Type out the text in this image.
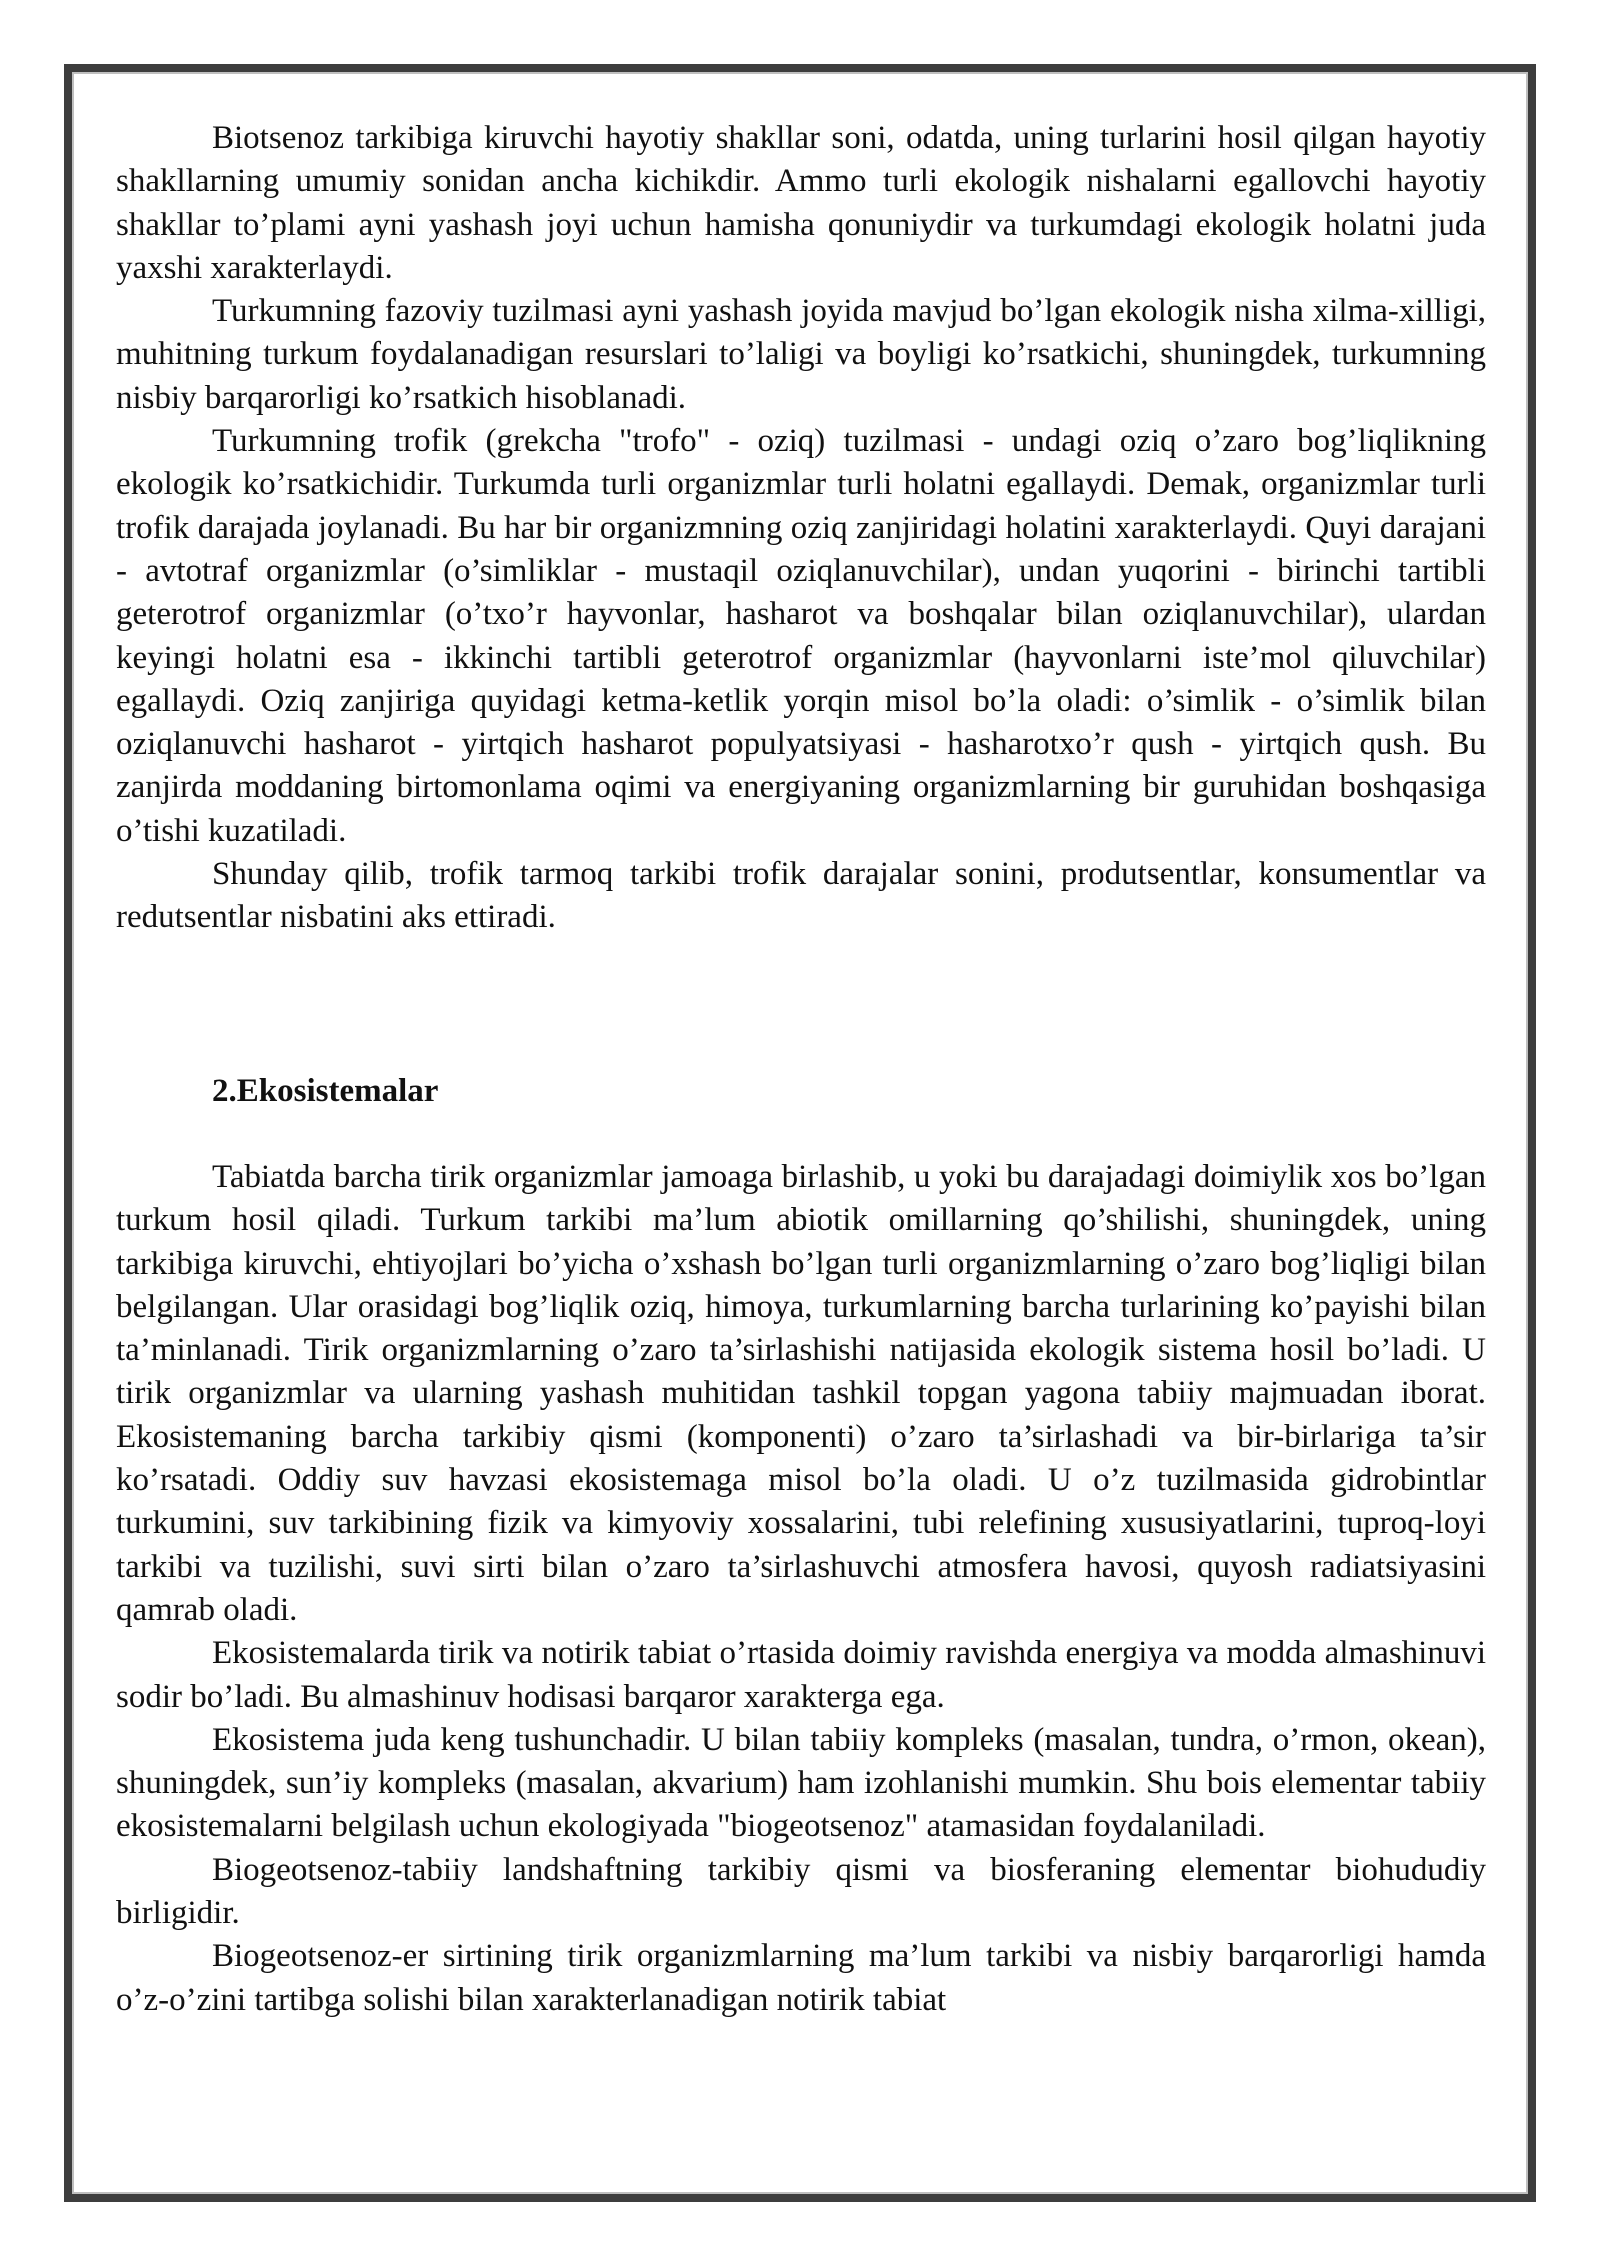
Biotsenoz tarkibiga kiruvchi hayotiy shakllar soni, odatda, uning turlarini hosil qilgan hayotiy shakllarning umumiy sonidan ancha kichikdir. Ammo turli ekologik nishalarni egallovchi hayotiy shakllar to’plami ayni yashash joyi uchun hamisha qonuniydir va turkumdagi ekologik holatni juda yaxshi xarakterlaydi.

Turkumning fazoviy tuzilmasi ayni yashash joyida mavjud bo’lgan ekologik nisha xilma-xilligi, muhitning turkum foydalanadigan resurslari to’laligi va boyligi ko’rsatkichi, shuningdek, turkumning nisbiy barqarorligi ko’rsatkich hisoblanadi.

Turkumning trofik (grekcha "trofo" - oziq) tuzilmasi - undagi oziq o’zaro bog’liqlikning ekologik ko’rsatkichidir. Turkumda turli organizmlar turli holatni egallaydi. Demak, organizmlar turli trofik darajada joylanadi. Bu har bir organizmning oziq zanjiridagi holatini xarakterlaydi. Quyi darajani - avtotraf organizmlar (o’simliklar - mustaqil oziqlanuvchilar), undan yuqorini - birinchi tartibli geterotrof organizmlar (o’txo’r hayvonlar, hasharot va boshqalar bilan oziqlanuvchilar), ulardan keyingi holatni esa - ikkinchi tartibli geterotrof organizmlar (hayvonlarni iste’mol qiluvchilar) egallaydi. Oziq zanjiriga quyidagi ketma-ketlik yorqin misol bo’la oladi: o’simlik - o’simlik bilan oziqlanuvchi hasharot - yirtqich hasharot populyatsiyasi - hasharotxo’r qush - yirtqich qush. Bu zanjirda moddaning birtomonlama oqimi va energiyaning organizmlarning bir guruhidan boshqasiga o’tishi kuzatiladi.

Shunday qilib, trofik tarmoq tarkibi trofik darajalar sonini, produtsentlar, konsumentlar va redutsentlar nisbatini aks ettiradi.

2.Ekosistemalar

Tabiatda barcha tirik organizmlar jamoaga birlashib, u yoki bu darajadagi doimiylik xos bo’lgan turkum hosil qiladi. Turkum tarkibi ma’lum abiotik omillarning qo’shilishi, shuningdek, uning tarkibiga kiruvchi, ehtiyojlari bo’yicha o’xshash bo’lgan turli organizmlarning o’zaro bog’liqligi bilan belgilangan. Ular orasidagi bog’liqlik oziq, himoya, turkumlarning barcha turlarining ko’payishi bilan ta’minlanadi. Tirik organizmlarning o’zaro ta’sirlashishi natijasida ekologik sistema hosil bo’ladi. U tirik organizmlar va ularning yashash muhitidan tashkil topgan yagona tabiiy majmuadan iborat. Ekosistemaning barcha tarkibiy qismi (komponenti) o’zaro ta’sirlashadi va bir-birlariga ta’sir ko’rsatadi. Oddiy suv havzasi ekosistemaga misol bo’la oladi. U o’z tuzilmasida gidrobintlar turkumini, suv tarkibining fizik va kimyoviy xossalarini, tubi relefining xususiyatlarini, tuproq-loyi tarkibi va tuzilishi, suvi sirti bilan o’zaro ta’sirlashuvchi atmosfera havosi, quyosh radiatsiyasini qamrab oladi.

Ekosistemalarda tirik va notirik tabiat o’rtasida doimiy ravishda energiya va modda almashinuvi sodir bo’ladi. Bu almashinuv hodisasi barqaror xarakterga ega.

Ekosistema juda keng tushunchadir. U bilan tabiiy kompleks (masalan, tundra, o’rmon, okean), shuningdek, sun’iy kompleks (masalan, akvarium) ham izohlanishi mumkin. Shu bois elementar tabiiy ekosistemalarni belgilash uchun ekologiyada "biogeotsenoz" atamasidan foydalaniladi.

Biogeotsenoz-tabiiy landshaftning tarkibiy qismi va biosferaning elementar biohududiy birligidir.

Biogeotsenoz-er sirtining tirik organizmlarning ma’lum tarkibi va nisbiy barqarorligi hamda o’z-o’zini tartibga solishi bilan xarakterlanadigan notirik tabiat
